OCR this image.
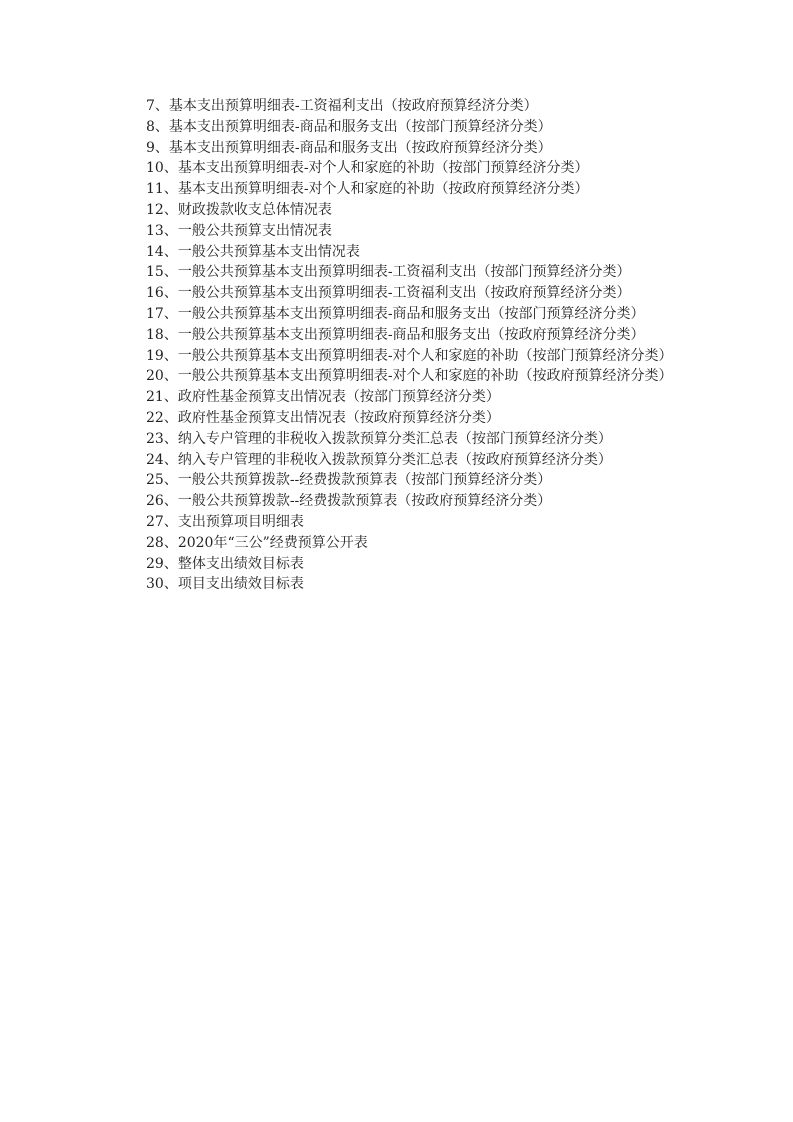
7、基本支出预算明细表-工资福利支出（按政府预算经济分类）

8、基本支出预算明细表-商品和服务支出（按部门预算经济分类）

9、基本支出预算明细表-商品和服务支出（按政府预算经济分类）

10、基本支出预算明细表-对个人和家庭的补助（按部门预算经济分类）

11、基本支出预算明细表-对个人和家庭的补助（按政府预算经济分类）

12、财政拨款收支总体情况表

13、一般公共预算支出情况表

14、一般公共预算基本支出情况表

15、一般公共预算基本支出预算明细表-工资福利支出（按部门预算经济分类）

16、一般公共预算基本支出预算明细表-工资福利支出（按政府预算经济分类）

17、一般公共预算基本支出预算明细表-商品和服务支出（按部门预算经济分类）

18、一般公共预算基本支出预算明细表-商品和服务支出（按政府预算经济分类）

19、一般公共预算基本支出预算明细表-对个人和家庭的补助（按部门预算经济分类）

20、一般公共预算基本支出预算明细表-对个人和家庭的补助（按政府预算经济分类）

21、政府性基金预算支出情况表（按部门预算经济分类）

22、政府性基金预算支出情况表（按政府预算经济分类）

23、纳入专户管理的非税收入拨款预算分类汇总表（按部门预算经济分类）

24、纳入专户管理的非税收入拨款预算分类汇总表（按政府预算经济分类）

25、一般公共预算拨款--经费拨款预算表（按部门预算经济分类）

26、一般公共预算拨款--经费拨款预算表（按政府预算经济分类）

27、支出预算项目明细表

28、2020年“三公”经费预算公开表

29、整体支出绩效目标表

30、项目支出绩效目标表
